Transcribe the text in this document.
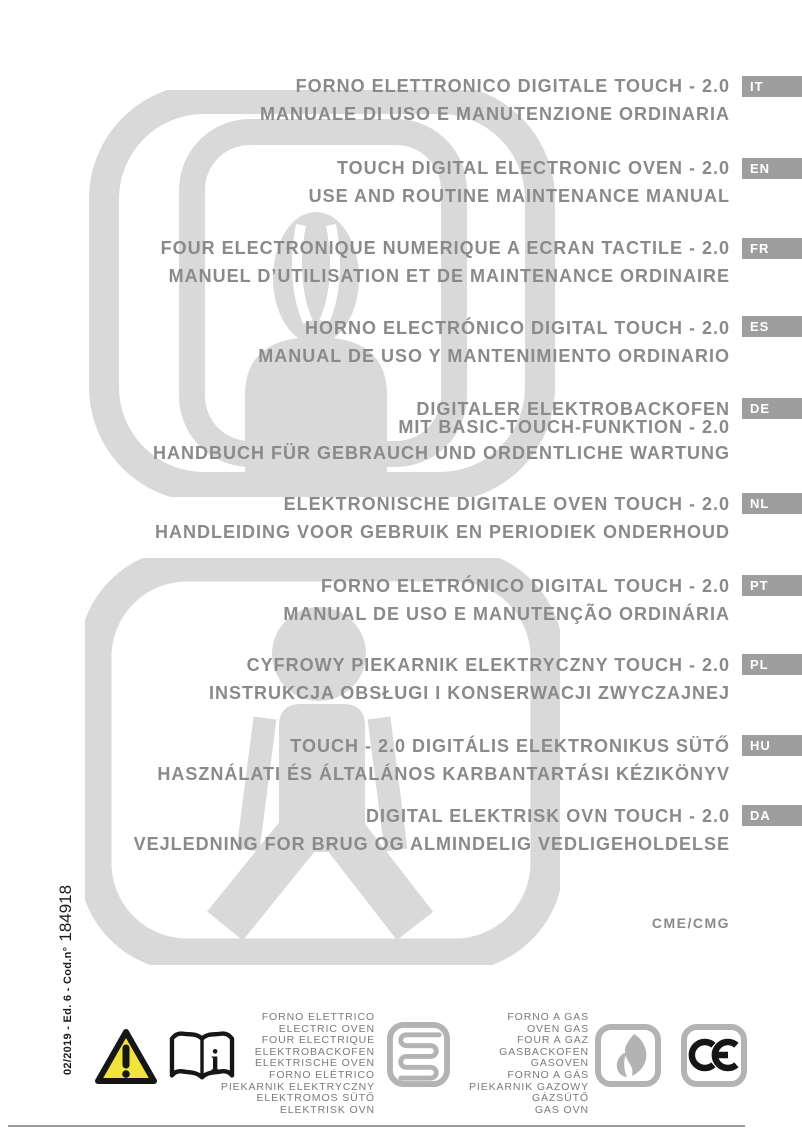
FORNO ELETTRONICO DIGITALE TOUCH - 2.0
MANUALE DI USO E MANUTENZIONE ORDINARIA
IT
TOUCH DIGITAL ELECTRONIC OVEN - 2.0
USE AND ROUTINE MAINTENANCE MANUAL
EN
FOUR ELECTRONIQUE NUMERIQUE A ECRAN TACTILE - 2.0
MANUEL D’UTILISATION ET DE MAINTENANCE ORDINAIRE
FR
HORNO ELECTRÓNICO DIGITAL TOUCH - 2.0
MANUAL DE USO Y MANTENIMIENTO ORDINARIO
ES
DIGITALER ELEKTROBACKOFEN
MIT BASIC-TOUCH-FUNKTION - 2.0
HANDBUCH FÜR GEBRAUCH UND ORDENTLICHE WARTUNG
DE
ELEKTRONISCHE DIGITALE OVEN TOUCH - 2.0
HANDLEIDING VOOR GEBRUIK EN PERIODIEK ONDERHOUD
NL
FORNO ELETRÓNICO DIGITAL TOUCH - 2.0
MANUAL DE USO E MANUTENÇÃO ORDINÁRIA
PT
CYFROWY PIEKARNIK ELEKTRYCZNY TOUCH - 2.0
INSTRUKCJA OBSŁUGI I KONSERWACJI ZWYCZAJNEJ
PL
TOUCH - 2.0 DIGITÁLIS ELEKTRONIKUS SÜTŐ
HASZNÁLATI ÉS ÁLTALÁNOS KARBANTARTÁSI KÉZIKÖNYV
HU
DIGITAL ELEKTRISK OVN TOUCH - 2.0
VEJLEDNING FOR BRUG OG ALMINDELIG VEDLIGEHOLDELSE
DA
CME/CMG
02/2019 - Ed. 6 - Cod.n°
184918
i
FORNO ELETTRICO
ELECTRIC OVEN
FOUR ELECTRIQUE
ELEKTROBACKOFEN
ELEKTRISCHE OVEN
FORNO ELÉTRICO
PIEKARNIK ELEKTRYCZNY
ELEKTROMOS SÜTŐ
ELEKTRISK OVN
FORNO A GAS
OVEN GAS
FOUR A GAZ
GASBACKOFEN
GASOVEN
FORNO A GÁS
PIEKARNIK GAZOWY
GÁZSÜTŐ
GAS OVN
